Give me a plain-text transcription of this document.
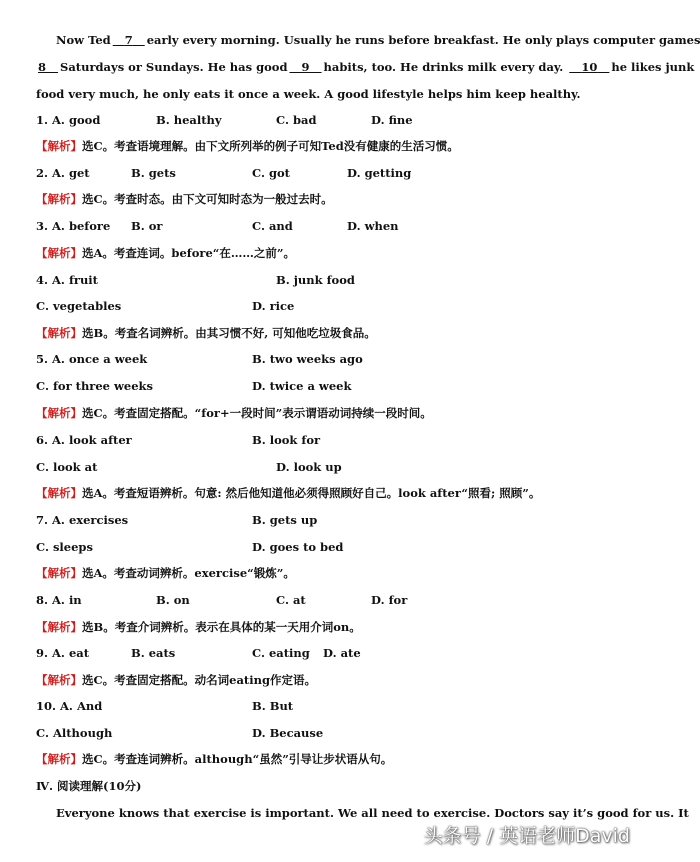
Now Ted 7 early every morning. Usually he runs before breakfast. He only plays computer games
8 Saturdays or Sundays. He has good 9 habits, too. He drinks milk every day. 10 he likes junk
food very much, he only eats it once a week. A good lifestyle helps him keep healthy.
1. A. good	B. healthy	C. bad	D. fine
【解析】选C。考查语境理解。由下文所列举的例子可知Ted没有健康的生活习惯。
2. A. get	B. gets	C. got	D. getting
【解析】选C。考查时态。由下文可知时态为一般过去时。
3. A. before B. or	C. and	D. when
【解析】选A。考查连词。before“在……之前”。
4. A. fruit	B. junk food
C. vegetables	D. rice
【解析】选B。考查名词辨析。由其习惯不好, 可知他吃垃圾食品。
5. A. once a week	B. two weeks ago
C. for three weeks	D. twice a week
【解析】选C。考查固定搭配。“for+一段时间”表示谓语动词持续一段时间。
6. A. look after	B. look for
C. look at	D. look up
【解析】选A。考查短语辨析。句意: 然后他知道他必须得照顾好自己。look after“照看; 照顾”。
7. A. exercises	B. gets up
C. sleeps	D. goes to bed
【解析】选A。考查动词辨析。exercise“锻炼”。
8. A. in	B. on	C. at	D. for
【解析】选B。考查介词辨析。表示在具体的某一天用介词on。
9. A. eat	B. eats	C. eating D. ate
【解析】选C。考查固定搭配。动名词eating作定语。
10. A. And	B. But
C. Although	D. Because
【解析】选C。考查连词辨析。although“虽然”引导让步状语从句。
Ⅳ. 阅读理解(10分)
Everyone knows that exercise is important. We all need to exercise. Doctors say it’s good for us. It
头条号 / 英语老师David
